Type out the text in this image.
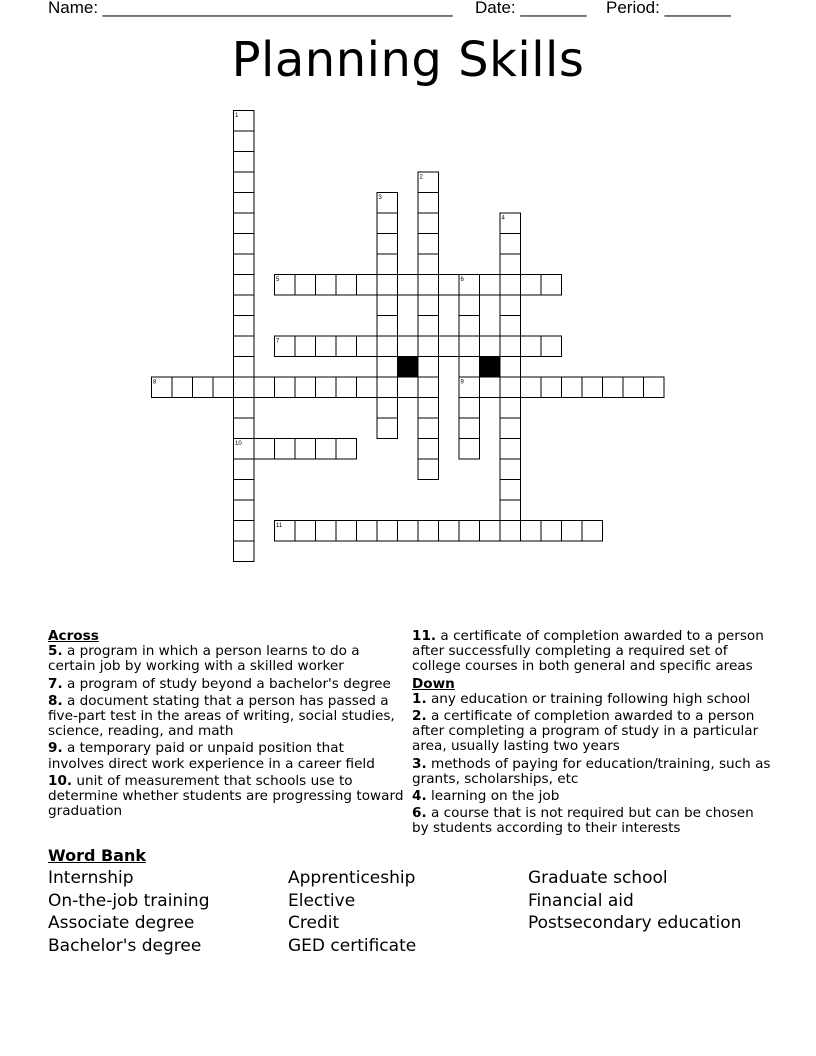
Name: _____________________________________ Date: _______ Period: _______
Planning Skills
1
2
3
4
5	6
7
8	9
10
11
Across
5. a program in which a person learns to do a certain job by working with a skilled worker
7. a program of study beyond a bachelor's degree
8. a document stating that a person has passed a five-part test in the areas of writing, social studies, science, reading, and math
9. a temporary paid or unpaid position that involves direct work experience in a career field
10. unit of measurement that schools use to determine whether students are progressing toward graduation
11. a certificate of completion awarded to a person after successfully completing a required set of college courses in both general and specific areas
Down
1. any education or training following high school
2. a certificate of completion awarded to a person after completing a program of study in a particular area, usually lasting two years
3. methods of paying for education/training, such as grants, scholarships, etc
4. learning on the job
6. a course that is not required but can be chosen by students according to their interests
Word Bank
Internship
On-the-job training
Associate degree
Bachelor's degree
Apprenticeship
Elective
Credit
GED certificate
Graduate school
Financial aid
Postsecondary education
